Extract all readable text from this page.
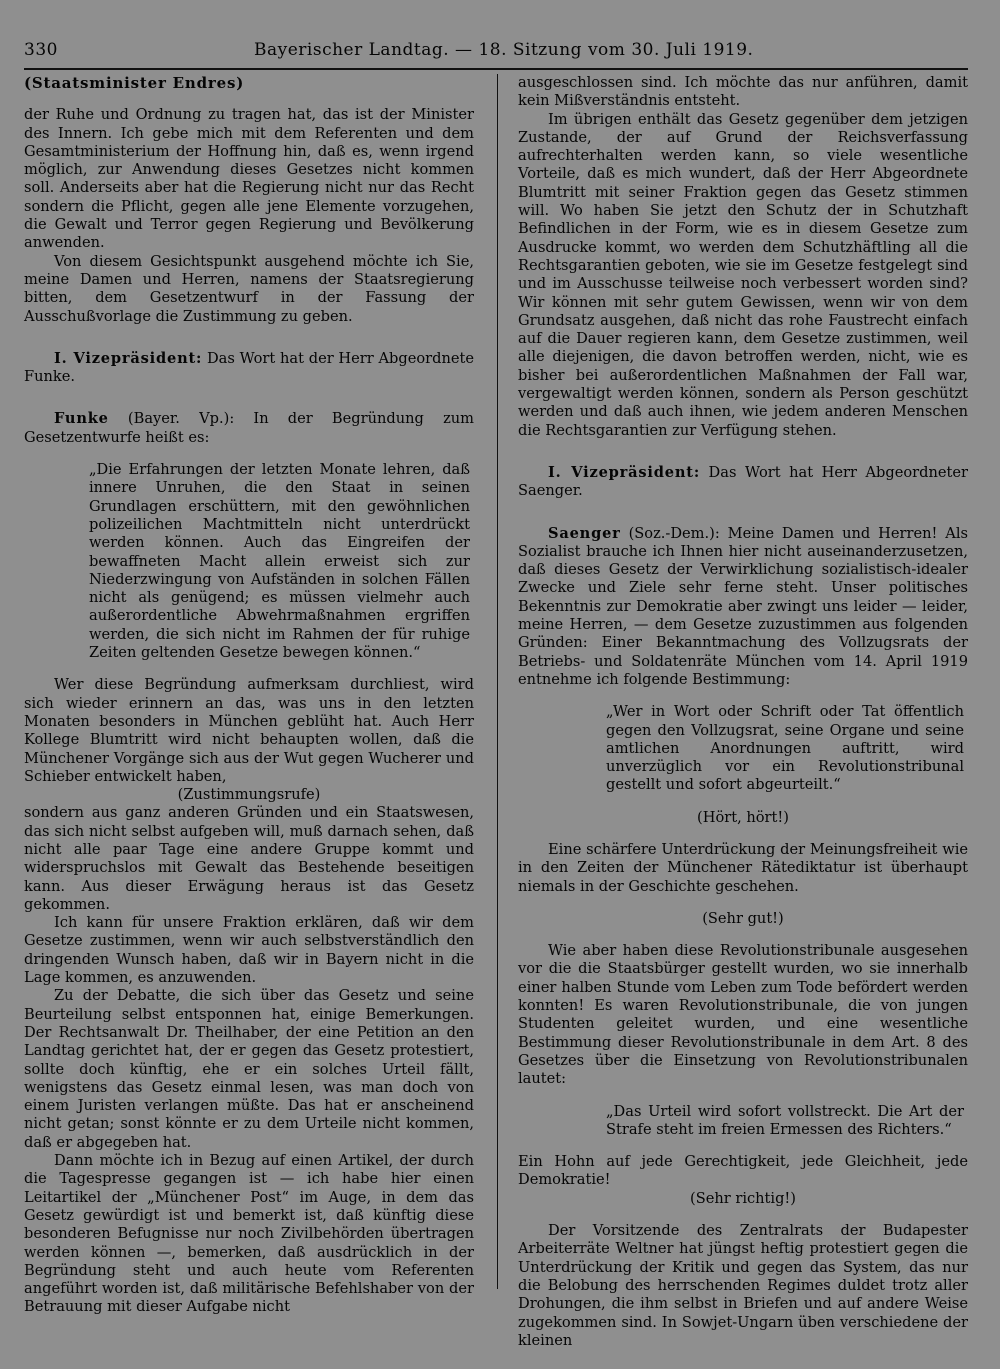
330	Bayerischer Landtag. — 18. Sitzung vom 30. Juli 1919.

(Staatsminister Endres)

der Ruhe und Ordnung zu tragen hat, das ist der Minister des Innern. Ich gebe mich mit dem Referenten und dem Gesamtministerium der Hoffnung hin, daß es, wenn irgend möglich, zur Anwendung dieses Gesetzes nicht kommen soll. Anderseits aber hat die Regierung nicht nur das Recht sondern die Pflicht, gegen alle jene Elemente vorzugehen, die Gewalt und Terror gegen Regierung und Bevölkerung anwenden.

Von diesem Gesichtspunkt ausgehend möchte ich Sie, meine Damen und Herren, namens der Staatsregierung bitten, dem Gesetzentwurf in der Fassung der Ausschußvorlage die Zustimmung zu geben.

I. Vizepräsident: Das Wort hat der Herr Abgeordnete Funke.

Funke (Bayer. Vp.): In der Begründung zum Gesetzentwurfe heißt es:

„Die Erfahrungen der letzten Monate lehren, daß innere Unruhen, die den Staat in seinen Grundlagen erschüttern, mit den gewöhnlichen polizeilichen Machtmitteln nicht unterdrückt werden können. Auch das Eingreifen der bewaffneten Macht allein erweist sich zur Niederzwingung von Aufständen in solchen Fällen nicht als genügend; es müssen vielmehr auch außerordentliche Abwehrmaßnahmen ergriffen werden, die sich nicht im Rahmen der für ruhige Zeiten geltenden Gesetze bewegen können.“

Wer diese Begründung aufmerksam durchliest, wird sich wieder erinnern an das, was uns in den letzten Monaten besonders in München geblüht hat. Auch Herr Kollege Blumtritt wird nicht behaupten wollen, daß die Münchener Vorgänge sich aus der Wut gegen Wucherer und Schieber entwickelt haben,

(Zustimmungsrufe)

sondern aus ganz anderen Gründen und ein Staatswesen, das sich nicht selbst aufgeben will, muß darnach sehen, daß nicht alle paar Tage eine andere Gruppe kommt und widerspruchslos mit Gewalt das Bestehende beseitigen kann. Aus dieser Erwägung heraus ist das Gesetz gekommen.

Ich kann für unsere Fraktion erklären, daß wir dem Gesetze zustimmen, wenn wir auch selbstverständlich den dringenden Wunsch haben, daß wir in Bayern nicht in die Lage kommen, es anzuwenden.

Zu der Debatte, die sich über das Gesetz und seine Beurteilung selbst entsponnen hat, einige Bemerkungen. Der Rechtsanwalt Dr. Theilhaber, der eine Petition an den Landtag gerichtet hat, der er gegen das Gesetz protestiert, sollte doch künftig, ehe er ein solches Urteil fällt, wenigstens das Gesetz einmal lesen, was man doch von einem Juristen verlangen müßte. Das hat er anscheinend nicht getan; sonst könnte er zu dem Urteile nicht kommen, daß er abgegeben hat.

Dann möchte ich in Bezug auf einen Artikel, der durch die Tagespresse gegangen ist — ich habe hier einen Leitartikel der „Münchener Post“ im Auge, in dem das Gesetz gewürdigt ist und bemerkt ist, daß künftig diese besonderen Befugnisse nur noch Zivilbehörden übertragen werden können —, bemerken, daß ausdrücklich in der Begründung steht und auch heute vom Referenten angeführt worden ist, daß militärische Befehlshaber von der Betrauung mit dieser Aufgabe nicht

ausgeschlossen sind. Ich möchte das nur anführen, damit kein Mißverständnis entsteht.

Im übrigen enthält das Gesetz gegenüber dem jetzigen Zustande, der auf Grund der Reichsverfassung aufrechterhalten werden kann, so viele wesentliche Vorteile, daß es mich wundert, daß der Herr Abgeordnete Blumtritt mit seiner Fraktion gegen das Gesetz stimmen will. Wo haben Sie jetzt den Schutz der in Schutzhaft Befindlichen in der Form, wie es in diesem Gesetze zum Ausdrucke kommt, wo werden dem Schutzhäftling all die Rechtsgarantien geboten, wie sie im Gesetze festgelegt sind und im Ausschusse teilweise noch verbessert worden sind? Wir können mit sehr gutem Gewissen, wenn wir von dem Grundsatz ausgehen, daß nicht das rohe Faustrecht einfach auf die Dauer regieren kann, dem Gesetze zustimmen, weil alle diejenigen, die davon betroffen werden, nicht, wie es bisher bei außerordentlichen Maßnahmen der Fall war, vergewaltigt werden können, sondern als Person geschützt werden und daß auch ihnen, wie jedem anderen Menschen die Rechtsgarantien zur Verfügung stehen.

I. Vizepräsident: Das Wort hat Herr Abgeordneter Saenger.

Saenger (Soz.-Dem.): Meine Damen und Herren! Als Sozialist brauche ich Ihnen hier nicht auseinanderzusetzen, daß dieses Gesetz der Verwirklichung sozialistisch-idealer Zwecke und Ziele sehr ferne steht. Unser politisches Bekenntnis zur Demokratie aber zwingt uns leider — leider, meine Herren, — dem Gesetze zuzustimmen aus folgenden Gründen: Einer Bekanntmachung des Vollzugsrats der Betriebs- und Soldatenräte München vom 14. April 1919 entnehme ich folgende Bestimmung:

„Wer in Wort oder Schrift oder Tat öffentlich gegen den Vollzugsrat, seine Organe und seine amtlichen Anordnungen auftritt, wird unverzüglich vor ein Revolutionstribunal gestellt und sofort abgeurteilt.“

(Hört, hört!)

Eine schärfere Unterdrückung der Meinungsfreiheit wie in den Zeiten der Münchener Rätediktatur ist überhaupt niemals in der Geschichte geschehen.

(Sehr gut!)

Wie aber haben diese Revolutionstribunale ausgesehen vor die die Staatsbürger gestellt wurden, wo sie innerhalb einer halben Stunde vom Leben zum Tode befördert werden konnten! Es waren Revolutionstribunale, die von jungen Studenten geleitet wurden, und eine wesentliche Bestimmung dieser Revolutionstribunale in dem Art. 8 des Gesetzes über die Einsetzung von Revolutionstribunalen lautet:

„Das Urteil wird sofort vollstreckt. Die Art der Strafe steht im freien Ermessen des Richters.“

Ein Hohn auf jede Gerechtigkeit, jede Gleichheit, jede Demokratie!

(Sehr richtig!)

Der Vorsitzende des Zentralrats der Budapester Arbeiterräte Weltner hat jüngst heftig protestiert gegen die Unterdrückung der Kritik und gegen das System, das nur die Belobung des herrschenden Regimes duldet trotz aller Drohungen, die ihm selbst in Briefen und auf andere Weise zugekommen sind. In Sowjet-Ungarn üben verschiedene der kleinen
